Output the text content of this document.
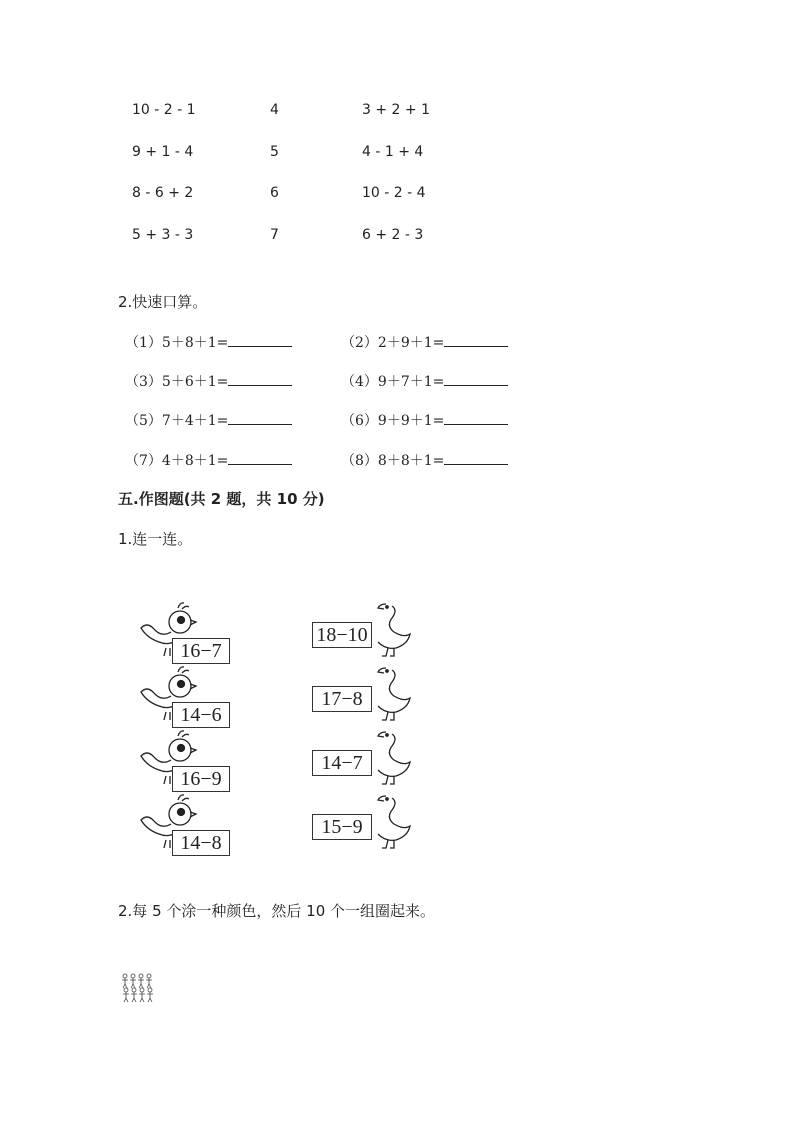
10 - 2 - 1	4	3 + 2 + 1
9 + 1 - 4	5	4 - 1 + 4
8 - 6 + 2	6	10 - 2 - 4
5 + 3 - 3	7	6 + 2 - 3
2.快速口算。
（1）5＋8＋1=	（2）2＋9＋1=
（3）5＋6＋1=	（4）9＋7＋1=
（5）7＋4＋1=	（6）9＋9＋1=
（7）4＋8＋1=	（8）8＋8＋1=
五.作图题(共 2 题，共 10 分)
1.连一连。
16−7
14−6
16−9
14−8
18−10
17−8
14−7
15−9
2.每 5 个涂一种颜色，然后 10 个一组圈起来。
